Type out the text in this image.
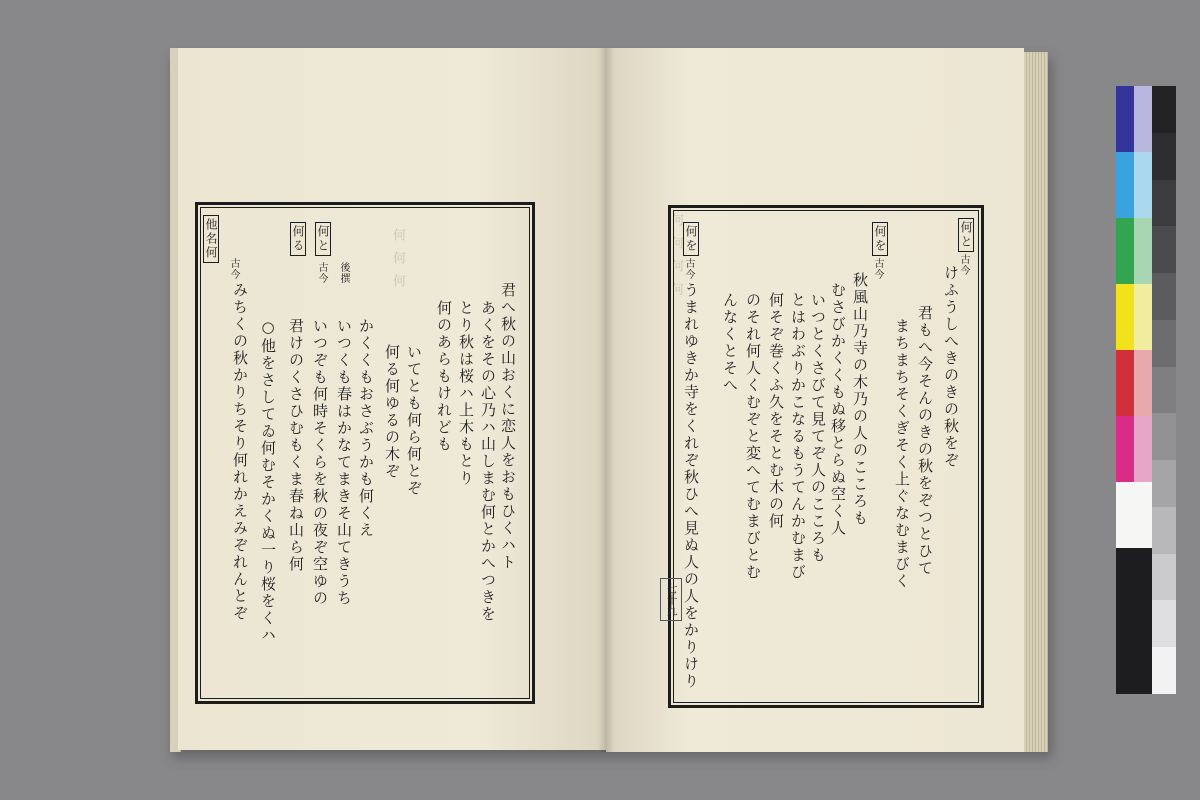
何 何 何
他名何	何と
何る
古今	古今 後撰
君へ秋の山おくに恋人をおもひくハト
あくをその心乃ハ山しまむ何とかへつきを
とり秋は桜ハ上木もとり
何のあらもけれども
いてとも何ら何とぞ
何る何ゆるの木ぞ
かくくもおさぶうかも何くえ
いつくも春はかなてまきそ山てきうち
いつぞも何時そくらを秋の夜ぞ空ゆの
君けのくさひむもくま春ね山ら何
○他をさしてゐ何むそかくぬ一り桜をくハ
みちくの秋かりちそり何れかえみぞれんとぞ
何 何 何 何	何と
古今
けふうしへきのきの秋をぞ
君もへ今そんのきの秋をぞつとひて
まちまちそくぎそく上ぐなむまびく
何を
古今
秋風山乃寺の木乃の人のこころも
むさびかくくもぬ移とらぬ空く人
いつとくさびて見てぞ人のこころも
とはわぶりかこなるもうてんかむまび
何そぞ巻くふ久をそとむ木の何
のそれ何人くむぞと変へてむまびとむ
んなくとそへ
何を
古今
うまれゆきか寺をくれぞ秋ひへ見ぬ人の人をかりけり
七十九
